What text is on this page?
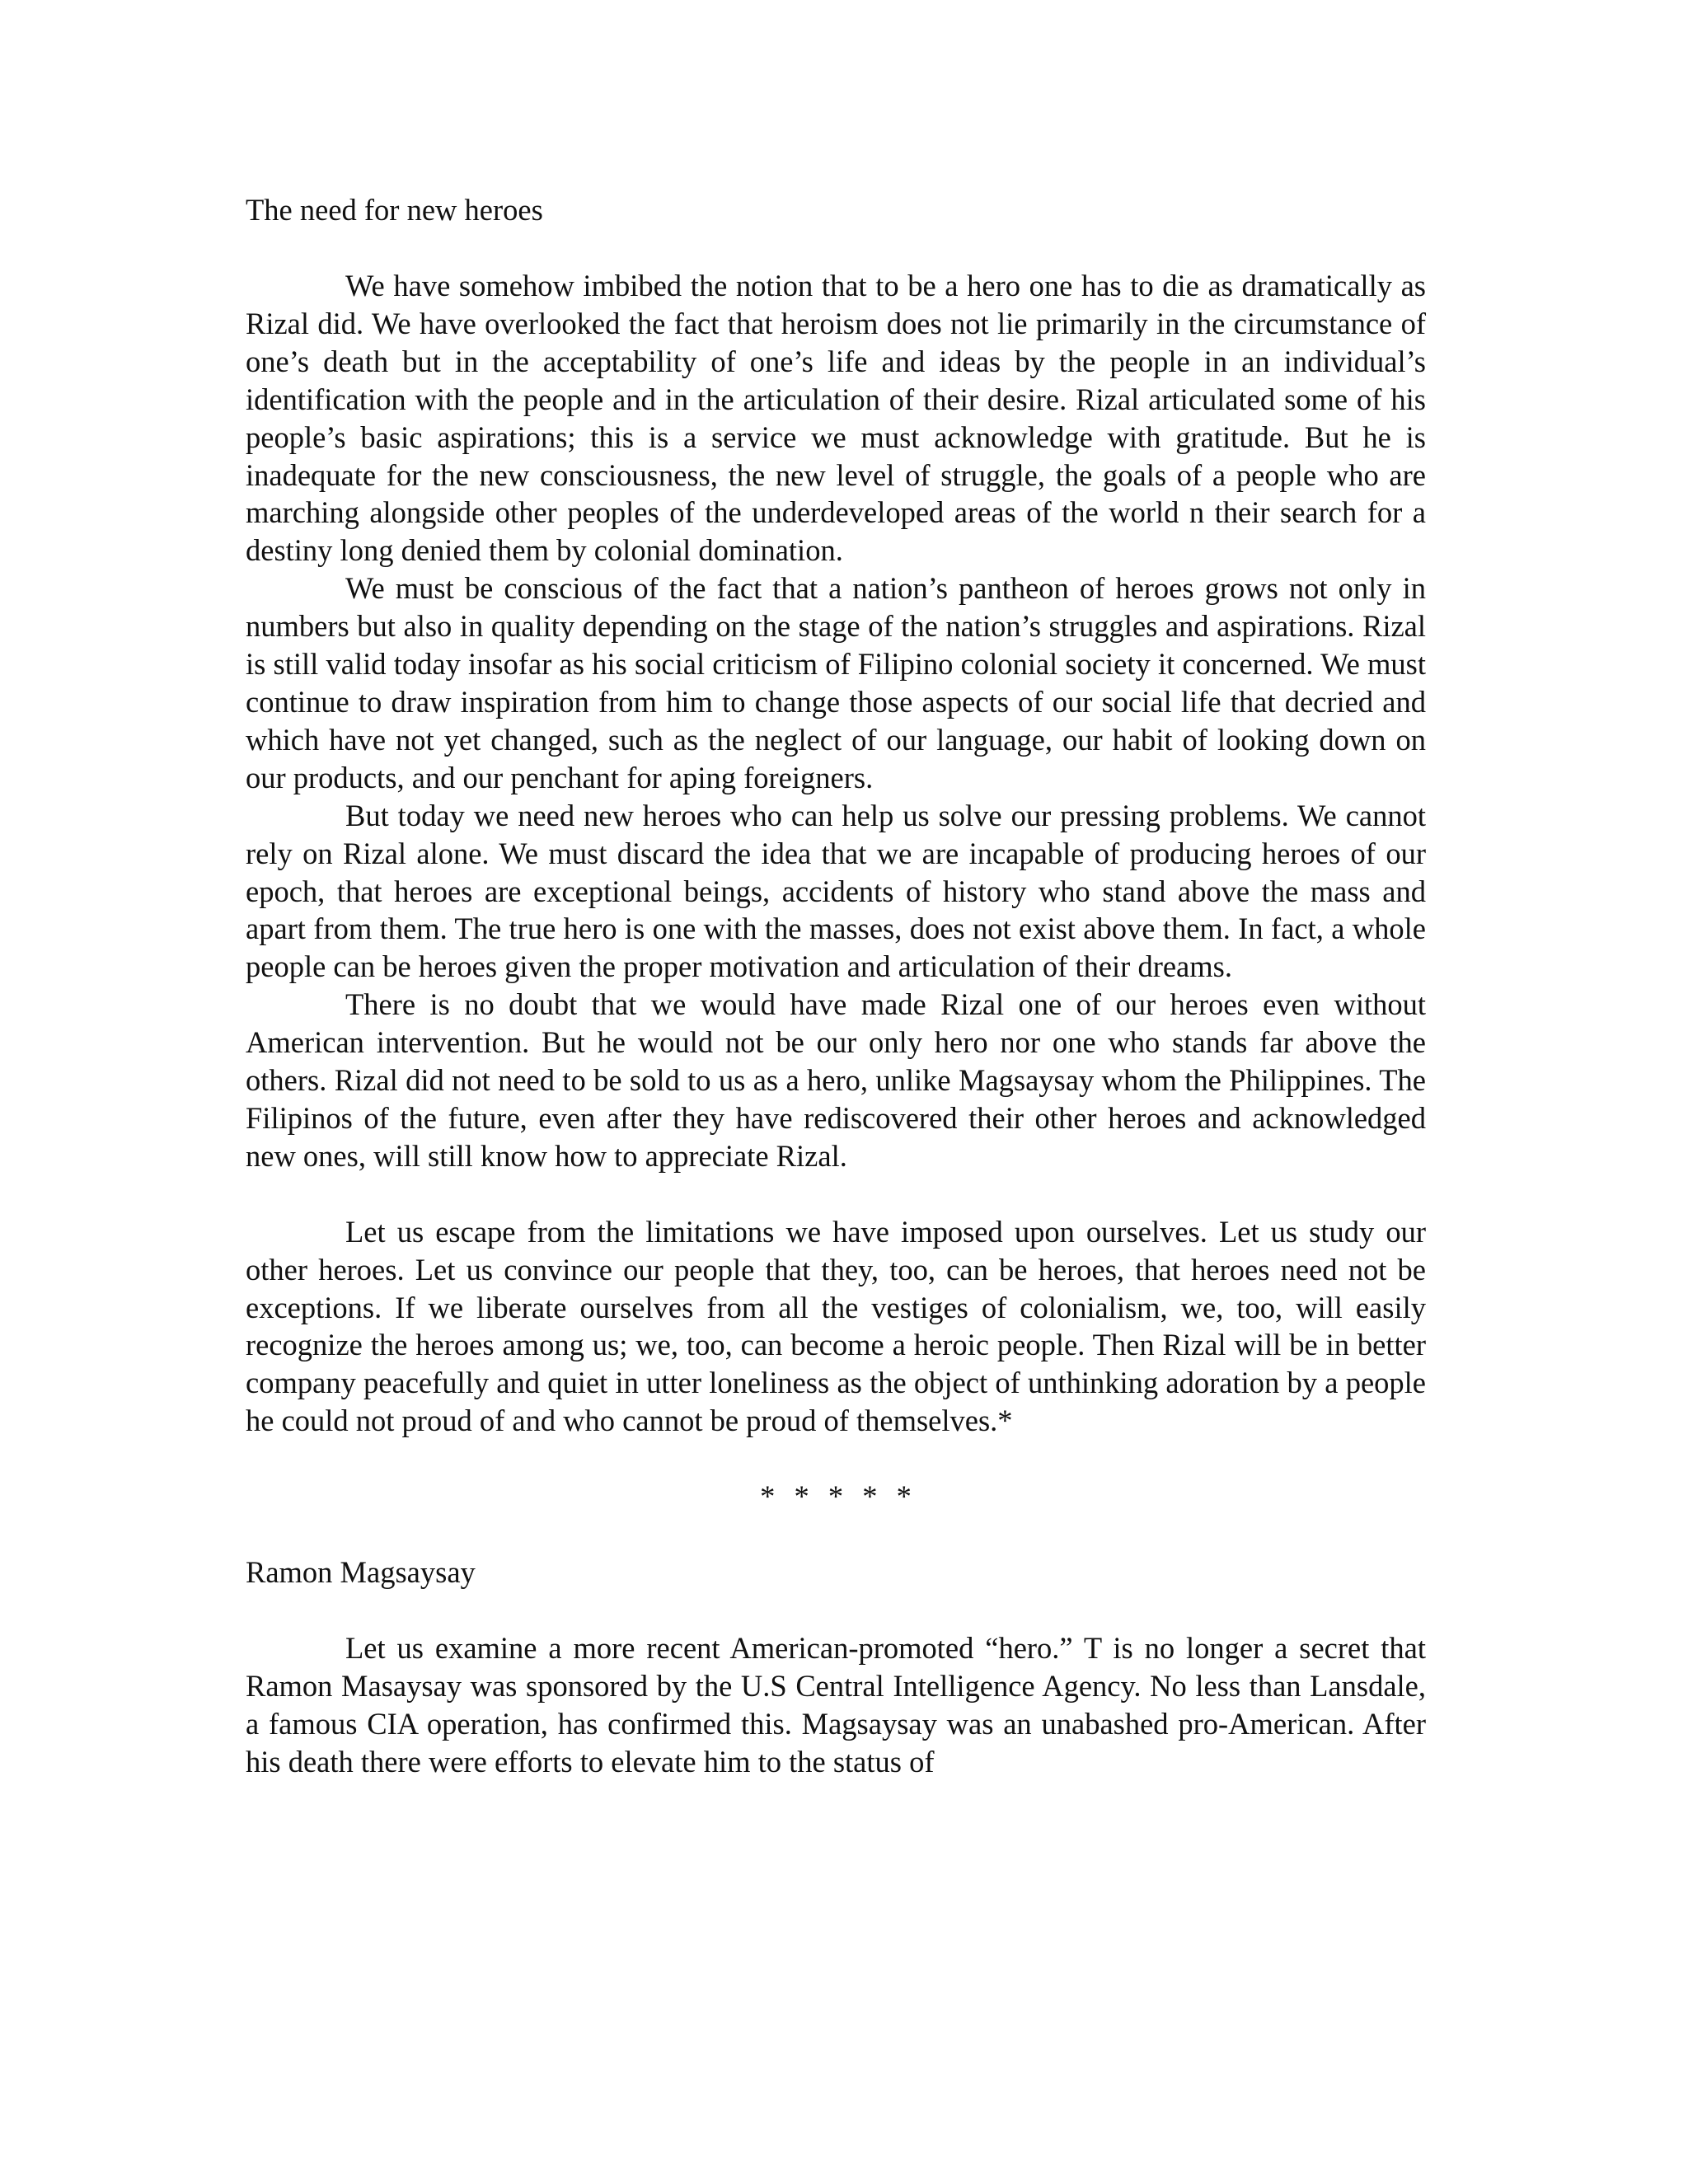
The need for new heroes

We have somehow imbibed the notion that to be a hero one has to die as dramatically as Rizal did. We have overlooked the fact that heroism does not lie primarily in the circumstance of one’s death but in the acceptability of one’s life and ideas by the people in an individual’s identification with the people and in the articulation of their desire. Rizal articulated some of his people’s basic aspirations; this is a service we must acknowledge with gratitude. But he is inadequate for the new consciousness, the new level of struggle, the goals of a people who are marching alongside other peoples of the underdeveloped areas of the world n their search for a destiny long denied them by colonial domination.

We must be conscious of the fact that a nation’s pantheon of heroes grows not only in numbers but also in quality depending on the stage of the nation’s struggles and aspirations. Rizal is still valid today insofar as his social criticism of Filipino colonial society it concerned. We must continue to draw inspiration from him to change those aspects of our social life that decried and which have not yet changed, such as the neglect of our language, our habit of looking down on our products, and our penchant for aping foreigners.

But today we need new heroes who can help us solve our pressing problems. We cannot rely on Rizal alone. We must discard the idea that we are incapable of producing heroes of our epoch, that heroes are exceptional beings, accidents of history who stand above the mass and apart from them. The true hero is one with the masses, does not exist above them. In fact, a whole people can be heroes given the proper motivation and articulation of their dreams.

There is no doubt that we would have made Rizal one of our heroes even without American intervention. But he would not be our only hero nor one who stands far above the others. Rizal did not need to be sold to us as a hero, unlike Magsaysay whom the Philippines. The Filipinos of the future, even after they have rediscovered their other heroes and acknowledged new ones, will still know how to appreciate Rizal.

Let us escape from the limitations we have imposed upon ourselves. Let us study our other heroes. Let us convince our people that they, too, can be heroes, that heroes need not be exceptions. If we liberate ourselves from all the vestiges of colonialism, we, too, will easily recognize the heroes among us; we, too, can become a heroic people. Then Rizal will be in better company peacefully and quiet in utter loneliness as the object of unthinking adoration by a people he could not proud of and who cannot be proud of themselves.*

* * * * *

Ramon Magsaysay

Let us examine a more recent American-promoted “hero.” T is no longer a secret that Ramon Masaysay was sponsored by the U.S Central Intelligence Agency. No less than Lansdale, a famous CIA operation, has confirmed this. Magsaysay was an unabashed pro-American. After his death there were efforts to elevate him to the status of
